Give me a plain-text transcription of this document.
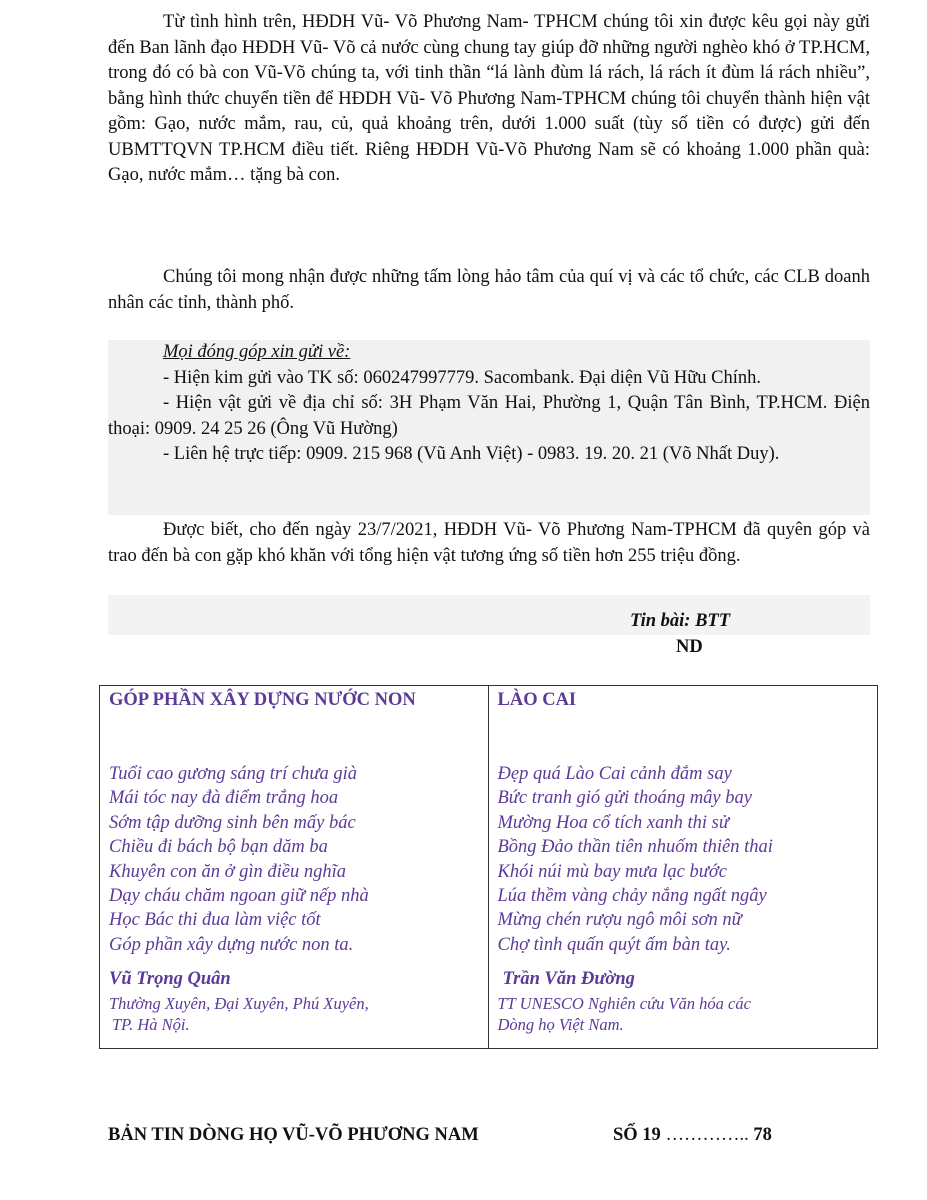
Từ tình hình trên, HĐDH Vũ- Võ Phương Nam- TPHCM chúng tôi xin được kêu gọi này gửi đến Ban lãnh đạo HĐDH Vũ- Võ cả nước cùng chung tay giúp đỡ những người nghèo khó ở TP.HCM, trong đó có bà con Vũ-Võ chúng ta, với tinh thần “lá lành đùm lá rách, lá rách ít đùm lá rách nhiều”, bằng hình thức chuyển tiền để HĐDH Vũ- Võ Phương Nam-TPHCM chúng tôi chuyển thành hiện vật gồm: Gạo, nước mắm, rau, củ, quả khoảng trên, dưới 1.000 suất (tùy số tiền có được) gửi đến UBMTTQVN TP.HCM điều tiết. Riêng HĐDH Vũ-Võ Phương Nam sẽ có khoảng 1.000 phần quà: Gạo, nước mắm… tặng bà con.

Chúng tôi mong nhận được những tấm lòng hảo tâm của quí vị và các tổ chức, các CLB doanh nhân các tỉnh, thành phố.

Mọi đóng góp xin gửi về:
- Hiện kim gửi vào TK số: 060247997779. Sacombank. Đại diện Vũ Hữu Chính.
- Hiện vật gửi về địa chỉ số: 3H Phạm Văn Hai, Phường 1, Quận Tân Bình, TP.HCM. Điện thoại: 0909. 24 25 26 (Ông Vũ Hường)
- Liên hệ trực tiếp: 0909. 215 968 (Vũ Anh Việt) - 0983. 19. 20. 21 (Võ Nhất Duy).

Được biết, cho đến ngày 23/7/2021, HĐDH Vũ- Võ Phương Nam-TPHCM đã quyên góp và trao đến bà con gặp khó khăn với tổng hiện vật tương ứng số tiền hơn 255 triệu đồng.

Tin bài: BTT
ND
GÓP PHẦN XÂY DỰNG NƯỚC NON
Tuổi cao gương sáng trí chưa già
Mái tóc nay đà điểm trắng hoa
Sớm tập dưỡng sinh bên mấy bác
Chiều đi bách bộ bạn dăm ba
Khuyên con ăn ở gìn điều nghĩa
Dạy cháu chăm ngoan giữ nếp nhà
Học Bác thi đua làm việc tốt
Góp phần xây dựng nước non ta.
Vũ Trọng Quân
Thường Xuyên, Đại Xuyên, Phú Xuyên,
TP. Hà Nội.
LÀO CAI
Đẹp quá Lào Cai cảnh đắm say
Bức tranh gió gửi thoáng mây bay
Mường Hoa cổ tích xanh thi sử
Bồng Đảo thần tiên nhuốm thiên thai
Khói núi mù bay mưa lạc bước
Lúa thềm vàng chảy nắng ngất ngây
Mừng chén rượu ngô môi sơn nữ
Chợ tình quấn quýt ấm bàn tay.
Trần Văn Đường
TT UNESCO Nghiên cứu Văn hóa các
Dòng họ Việt Nam.
BẢN TIN DÒNG HỌ VŨ-VÕ PHƯƠNG NAM	SỐ 19 ………….. 78
